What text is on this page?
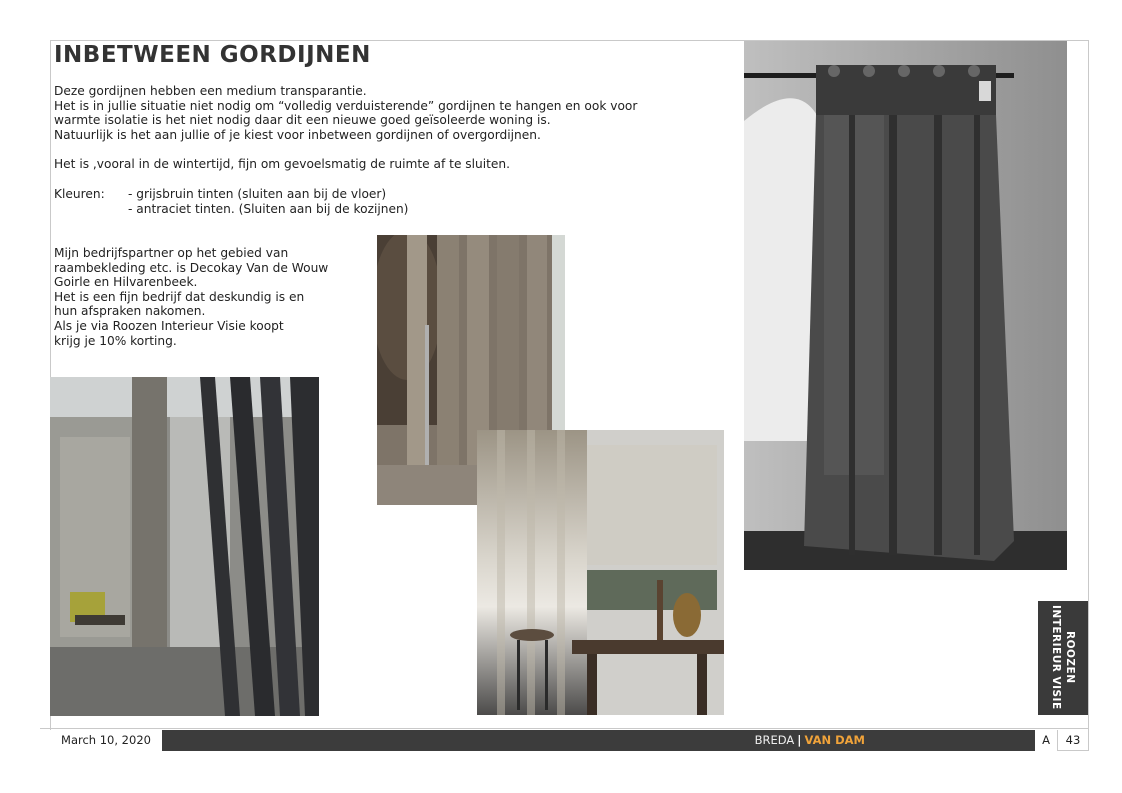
INBETWEEN GORDIJNEN

Deze gordijnen hebben een medium transparantie.

Het is in jullie situatie niet nodig om “volledig verduisterende” gordijnen te hangen en ook voor

warmte isolatie is het niet nodig daar dit een nieuwe goed geïsoleerde woning is.

Natuurlijk is het aan jullie of je kiest voor inbetween gordijnen of overgordijnen.

Het is ,vooral in de wintertijd, fijn om gevoelsmatig de ruimte af te sluiten.

Kleuren: - grijsbruin tinten (sluiten aan bij de vloer)
- antraciet tinten. (Sluiten aan bij de kozijnen)
Mijn bedrijfspartner op het gebied van
raambekleding etc. is Decokay Van de Wouw
Goirle en Hilvarenbeek.
Het is een fijn bedrijf dat deskundig is en
hun afspraken nakomen.
Als je via Roozen Interieur Visie koopt
krijg je 10% korting.
ROOZEN
INTERIEUR VISIE
March 10, 2020	BREDA | VAN DAM	A	43
